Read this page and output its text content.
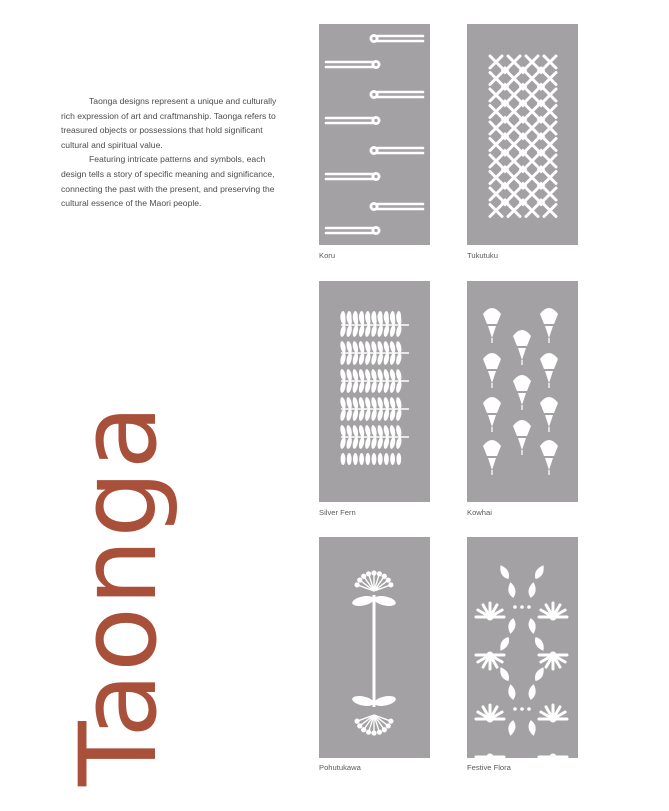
Taonga designs represent a unique and culturally rich expression of art and craftmanship. Taonga refers to treasured objects or possessions that hold significant cultural and spiritual value.

Featuring intricate patterns and symbols, each design tells a story of specific meaning and significance, connecting the past with the present, and preserving the cultural essence of the Maori people.

Taonga
Koru	Tukutuku
Silver Fern	Kowhai
Pohutukawa	Festive Flora
